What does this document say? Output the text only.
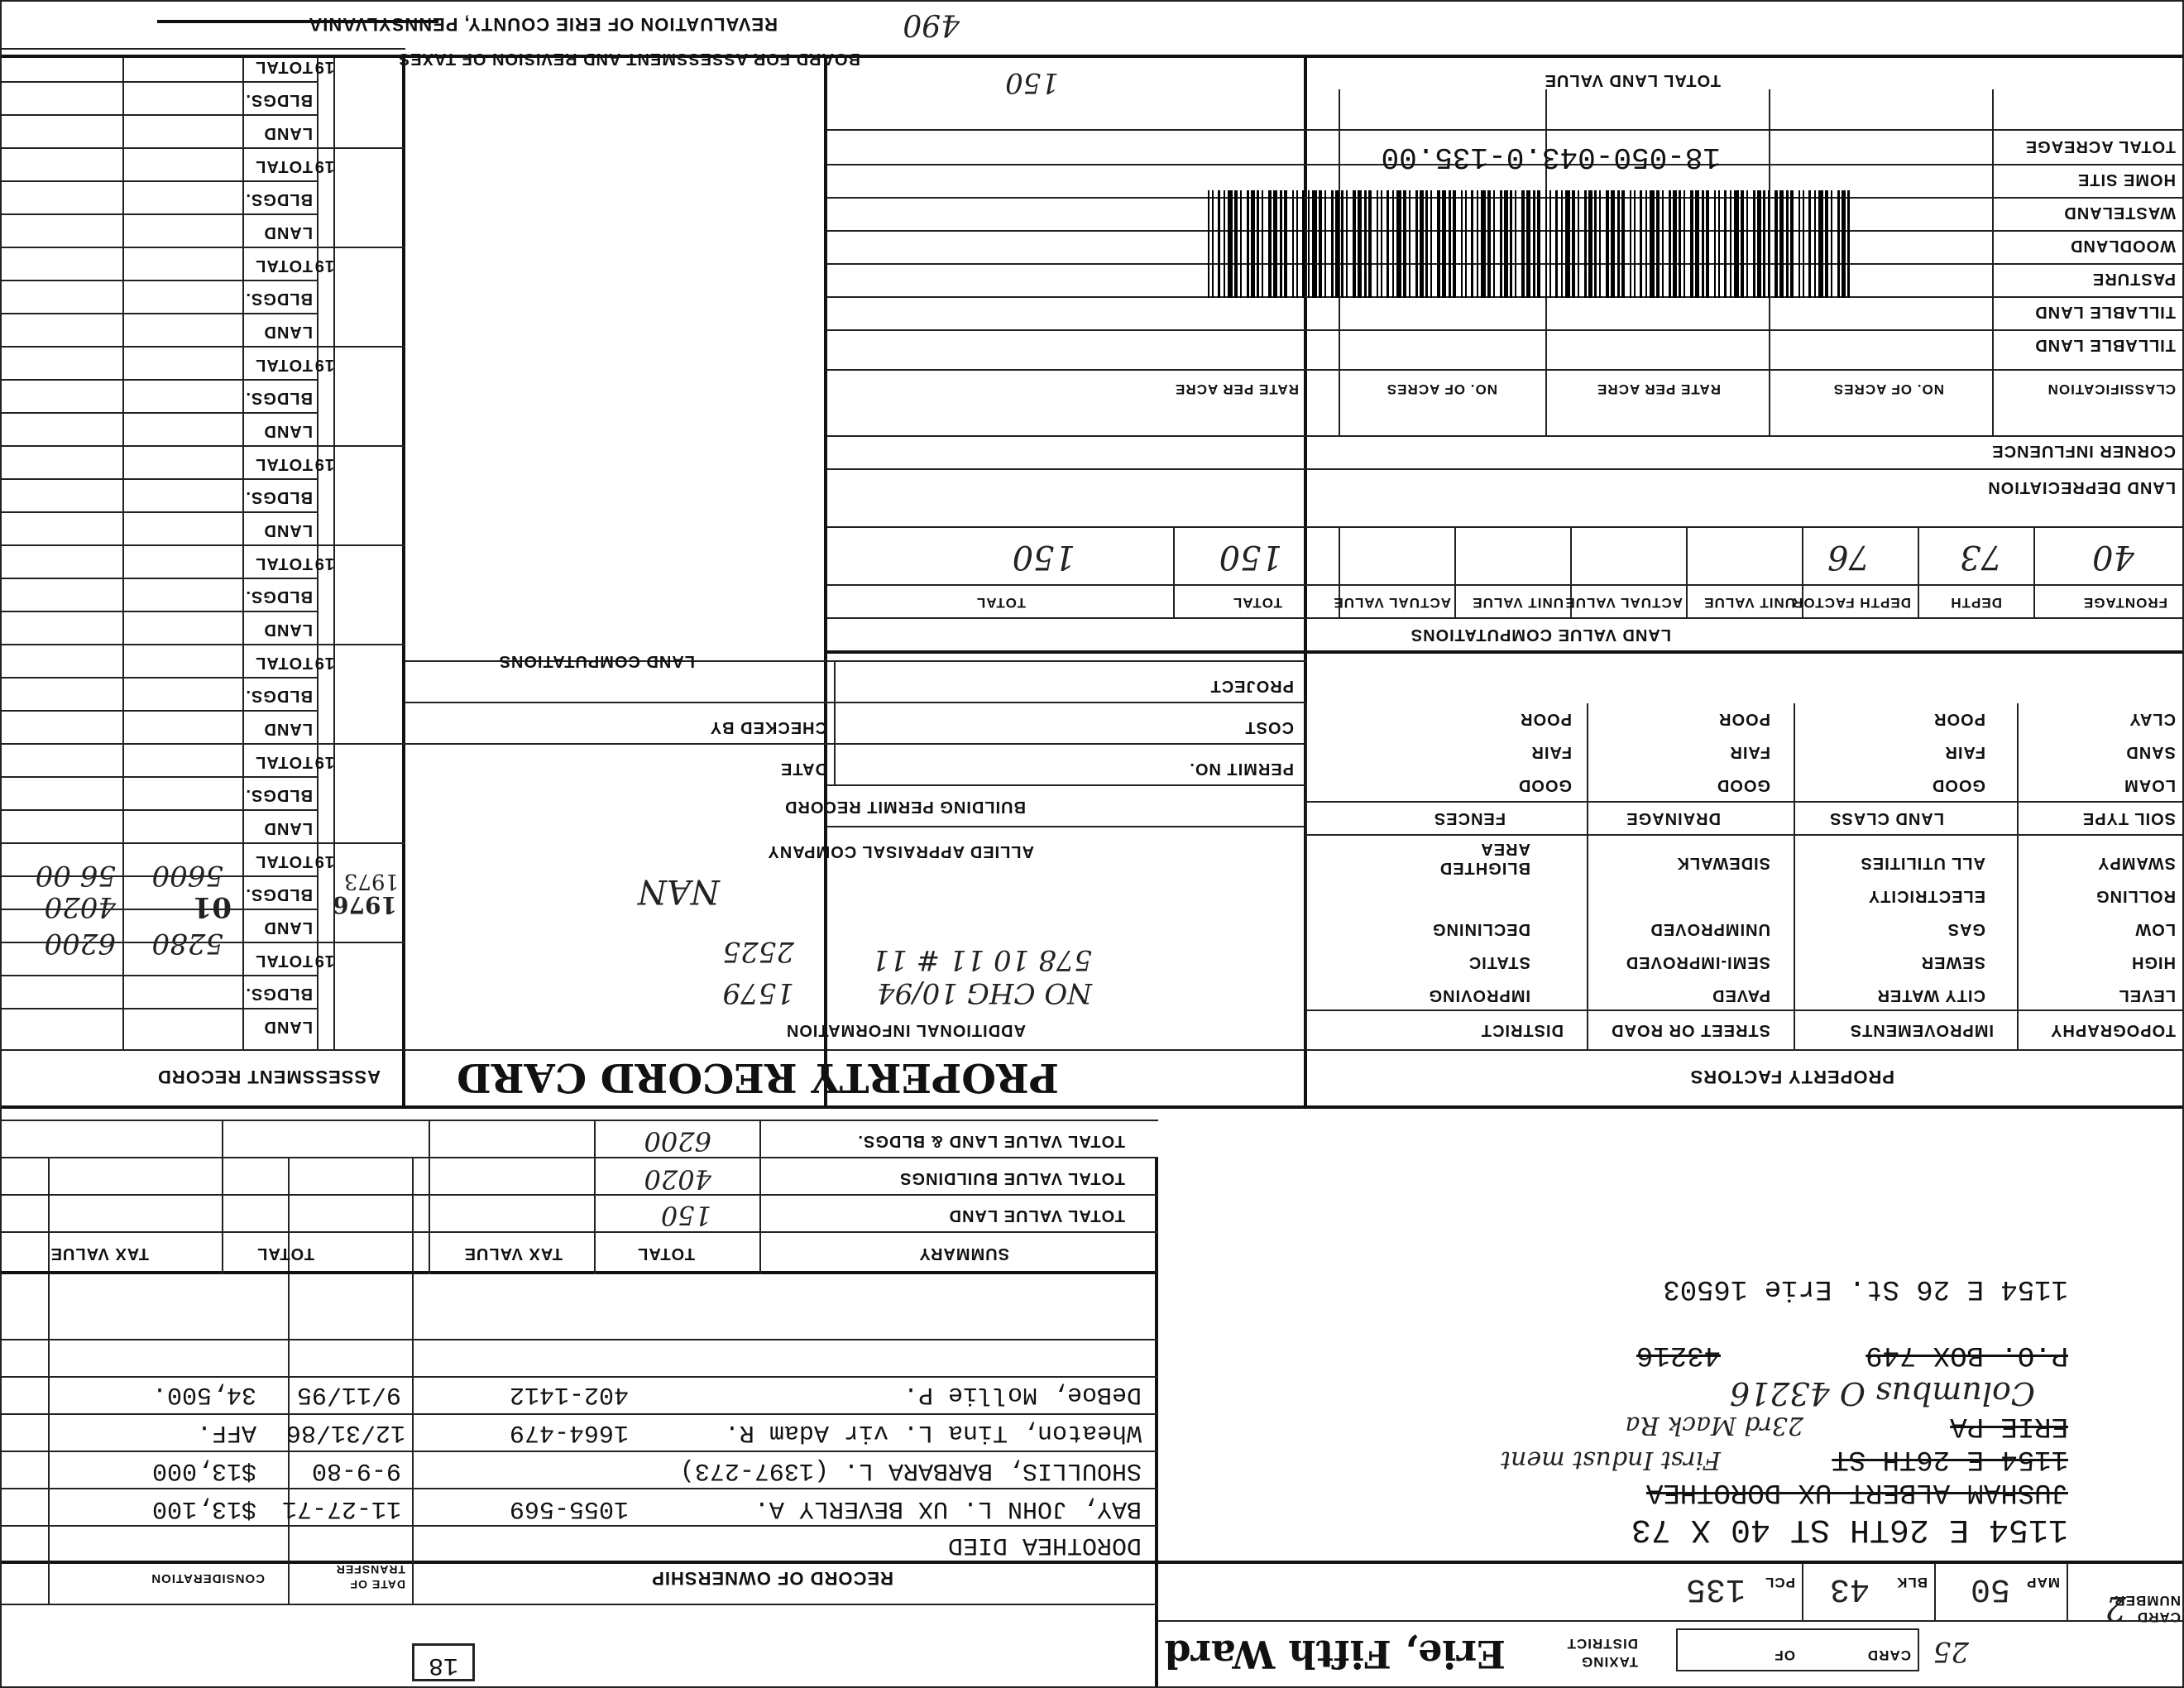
REVALUATION OF ERIE COUNTY, PENNSYLVANIA	490
BOARD FOR ASSESSMENT AND REVISION OF TAXES
CARD NUMBER
2
MAP
50
BLK
43
PCL
135
CARD 25
OF
TAXING
DISTRICT
Erie, Fifth Ward
1154 E 26TH ST 40 X 73
JUSHAM ALBERT UX DOROTHEA
1154 E 26TH ST
First Indust ment
ERIE PA
23rd Mack Ra
Columbus O 43216
P.O. BOX 749
43216
1154 E 26 St. Erie 16503
RECORD OF OWNERSHIP
DATE OF TRANSFER
CONSIDERATION
DOROTHEA DIED
BAY, JOHN L. UX BEVERLY A.
1055-569
11-27-71
$13,100
SHOULLIS, BARBARA L. (1397-273)
9-9-80
$13,000
Wheaton, Tina L. vir Adam R.
1664-479
12/31/86
AFF.
DeBoe, Mollie P.
402-1412
9/11/95
34,500.
18
SUMMARY
TOTAL
TAX VALUE
TOTAL
TAX VALUE
TOTAL VALUE LAND
150
TOTAL VALUE BUILDINGS
4020
TOTAL VALUE LAND & BLDGS.
6200
PROPERTY RECORD CARD
ASSESSMENT RECORD	PROPERTY FACTORS
TOPOGRAPHY
IMPROVEMENTS
STREET OR ROAD
DISTRICT
LEVEL
HIGH
LOW
ROLLING
SWAMPY
CITY WATER
SEWER
GAS
ELECTRICITY
ALL UTILITIES
PAVED
SEMI-IMPROVED
UNIMPROVED
SIDEWALK
IMPROVING
STATIC
DECLINING
BLIGHTED AREA
SOIL TYPE
LAND CLASS
DRAINAGE
FENCES
LOAM
SAND
CLAY
GOOD
FAIR
POOR
GOOD
FAIR
POOR
GOOD
FAIR
POOR
ADDITIONAL INFORMATION
NO CHG 10/94
578 10 11 # 11
1579
2525
ALLIED APPRAISAL COMPANY
NAN
BUILDING PERMIT RECORD
PERMIT NO.
DATE
COST
CHECKED BY
PROJECT
LAND COMPUTATIONS
LAND VALUE COMPUTATIONS
FRONTAGE
DEPTH
DEPTH FACTOR
UNIT VALUE
ACTUAL VALUE
UNIT VALUE
ACTUAL VALUE
TOTAL
TOTAL
40
73
76
150
150
LAND DEPRECIATION
CORNER INFLUENCE
CLASSIFICATION
NO. OF ACRES
RATE PER ACRE
NO. OF ACRES
RATE PER ACRE
TILLABLE LAND
TILLABLE LAND
PASTURE
WOODLAND
WASTELAND
HOME SITE
TOTAL ACREAGE
TOTAL LAND VALUE
150
18-050-043.0-135.00
LAND
BLDGS.
TOTAL 19
LAND
BLDGS.
TOTAL 19
LAND
BLDGS.
TOTAL 19
LAND
BLDGS.
TOTAL 19
LAND
BLDGS.
TOTAL 19
LAND
BLDGS.
TOTAL 19
LAND
BLDGS.
TOTAL 19
LAND
BLDGS.
TOTAL 19
LAND
BLDGS.
TOTAL 19
LAND
BLDGS.
TOTAL 19
1976
1973
5280
01
5600
6200
4020
56 00
